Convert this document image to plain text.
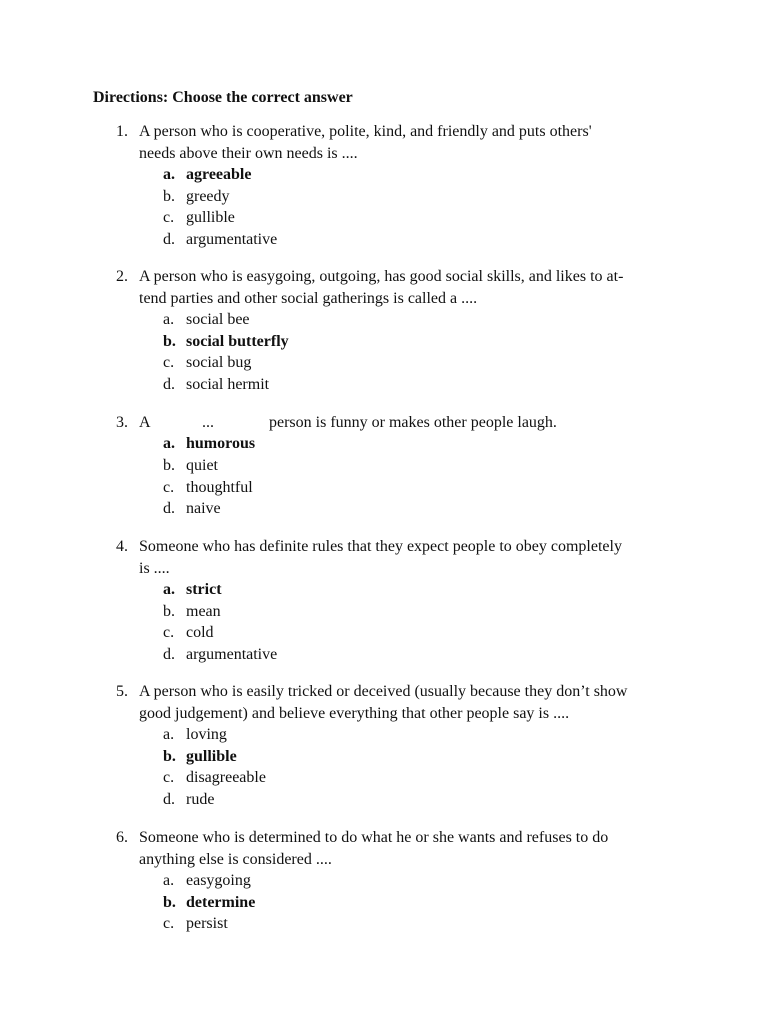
Directions: Choose the correct answer
1. A person who is cooperative, polite, kind, and friendly and puts others'
needs above their own needs is ....
a. agreeable
b. greedy
c. gullible
d. argumentative
2. A person who is easygoing, outgoing, has good social skills, and likes to at-
tend parties and other social gatherings is called a ....
a. social bee
b. social butterfly
c. social bug
d. social hermit
3. A	...	person is funny or makes other people laugh.
a. humorous
b. quiet
c. thoughtful
d. naive
4. Someone who has definite rules that they expect people to obey completely
is ....
a. strict
b. mean
c. cold
d. argumentative
5. A person who is easily tricked or deceived (usually because they don’t show
good judgement) and believe everything that other people say is ....
a. loving
b. gullible
c. disagreeable
d. rude
6. Someone who is determined to do what he or she wants and refuses to do
anything else is considered ....
a. easygoing
b. determine
c. persist
